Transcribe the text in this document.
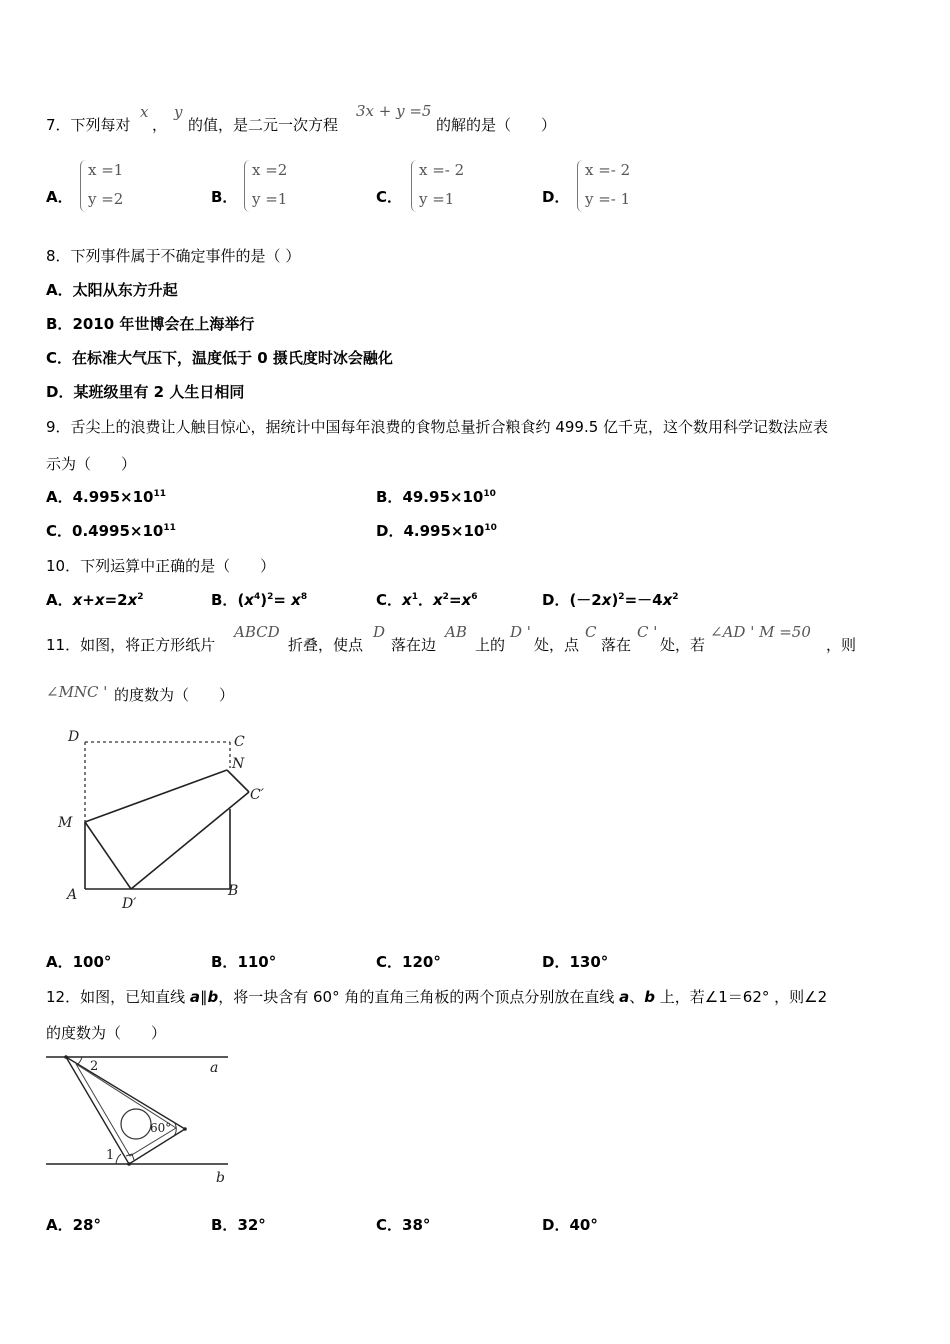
7．下列每对
x
，
y
的值，是二元一次方程
3x + y =5
的解的是（　　）
A．
x =1
y =2	B．
x =2
y =1	C．
x =- 2
y =1	D．
x =- 2
y =- 1
8．下列事件属于不确定事件的是（ ）
A．太阳从东方升起
B．2010 年世博会在上海举行
C．在标准大气压下，温度低于 0 摄氏度时冰会融化
D．某班级里有 2 人生日相同
9．舌尖上的浪费让人触目惊心，据统计中国每年浪费的食物总量折合粮食约 499.5 亿千克，这个数用科学记数法应表
示为（　　）
A．$4.995\times 10^{11}$	B．$49.95\times 10^{10}$
C．$0.4995\times 10^{11}$	D．$4.995\times 10^{10}$
10．下列运算中正确的是（　　）
A．$x+x=2x^2$	B．$(x^4)^2= x^8$	C．$x^1$．$x^2=x^6$	D．$(-2x)^2=-4x^2$
11．如图，将正方形纸片
ABCD
折叠，使点
D
落在边
AB
上的
D '
处，点
C
落在
C '
处，若
∠AD ' M =50
，则
∠MNC ' 的度数为（　　）
D	C
N
C′
M
A
D′
B
A．100°	B．110°	C．120°	D．130°
12．如图，已知直线 a∥b，将一块含有 60° 角的直角三角板的两个顶点分别放在直线 a、b 上，若∠1＝62° ，则∠2
的度数为（　　）
2	a
60°
1
b
A．28°	B．32°	C．38°	D．40°
